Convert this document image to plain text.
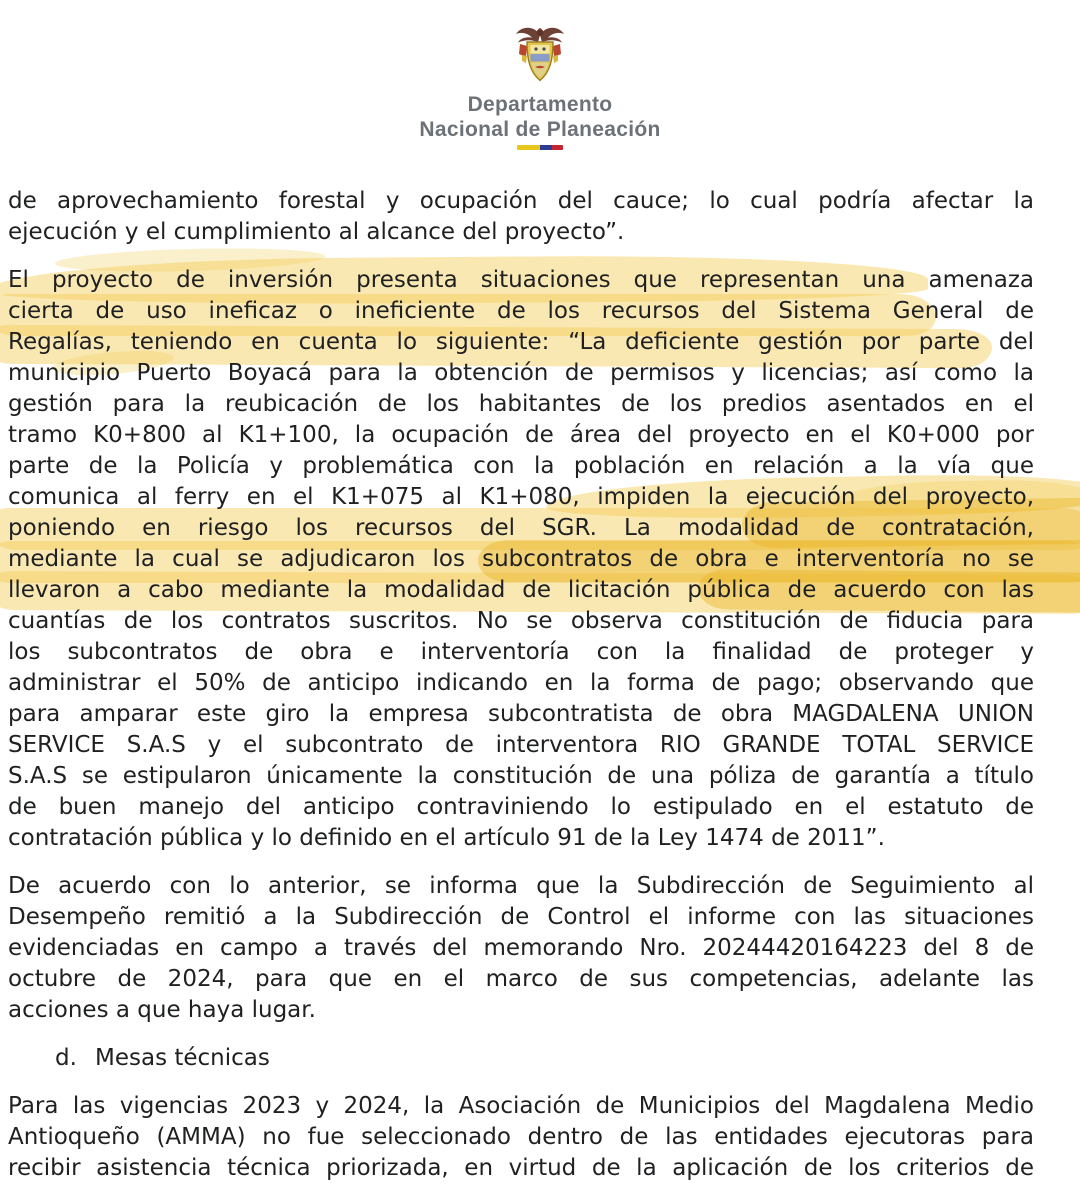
Departamento
Nacional de Planeación
de aprovechamiento forestal y ocupación del cauce; lo cual podría afectar la
ejecución y el cumplimiento al alcance del proyecto”.
El proyecto de inversión presenta situaciones que representan una amenaza
cierta de uso ineficaz o ineficiente de los recursos del Sistema General de
Regalías, teniendo en cuenta lo siguiente: “La deficiente gestión por parte del
municipio Puerto Boyacá para la obtención de permisos y licencias; así como la
gestión para la reubicación de los habitantes de los predios asentados en el
tramo K0+800 al K1+100, la ocupación de área del proyecto en el K0+000 por
parte de la Policía y problemática con la población en relación a la vía que
comunica al ferry en el K1+075 al K1+080, impiden la ejecución del proyecto,
poniendo en riesgo los recursos del SGR. La modalidad de contratación,
mediante la cual se adjudicaron los subcontratos de obra e interventoría no se
llevaron a cabo mediante la modalidad de licitación pública de acuerdo con las
cuantías de los contratos suscritos. No se observa constitución de fiducia para
los subcontratos de obra e interventoría con la finalidad de proteger y
administrar el 50% de anticipo indicando en la forma de pago; observando que
para amparar este giro la empresa subcontratista de obra MAGDALENA UNION
SERVICE S.A.S y el subcontrato de interventora RIO GRANDE TOTAL SERVICE
S.A.S se estipularon únicamente la constitución de una póliza de garantía a título
de buen manejo del anticipo contraviniendo lo estipulado en el estatuto de
contratación pública y lo definido en el artículo 91 de la Ley 1474 de 2011”.
De acuerdo con lo anterior, se informa que la Subdirección de Seguimiento al
Desempeño remitió a la Subdirección de Control el informe con las situaciones
evidenciadas en campo a través del memorando Nro. 20244420164223 del 8 de
octubre de 2024, para que en el marco de sus competencias, adelante las
acciones a que haya lugar.
d. Mesas técnicas
Para las vigencias 2023 y 2024, la Asociación de Municipios del Magdalena Medio
Antioqueño (AMMA) no fue seleccionado dentro de las entidades ejecutoras para
recibir asistencia técnica priorizada, en virtud de la aplicación de los criterios de
